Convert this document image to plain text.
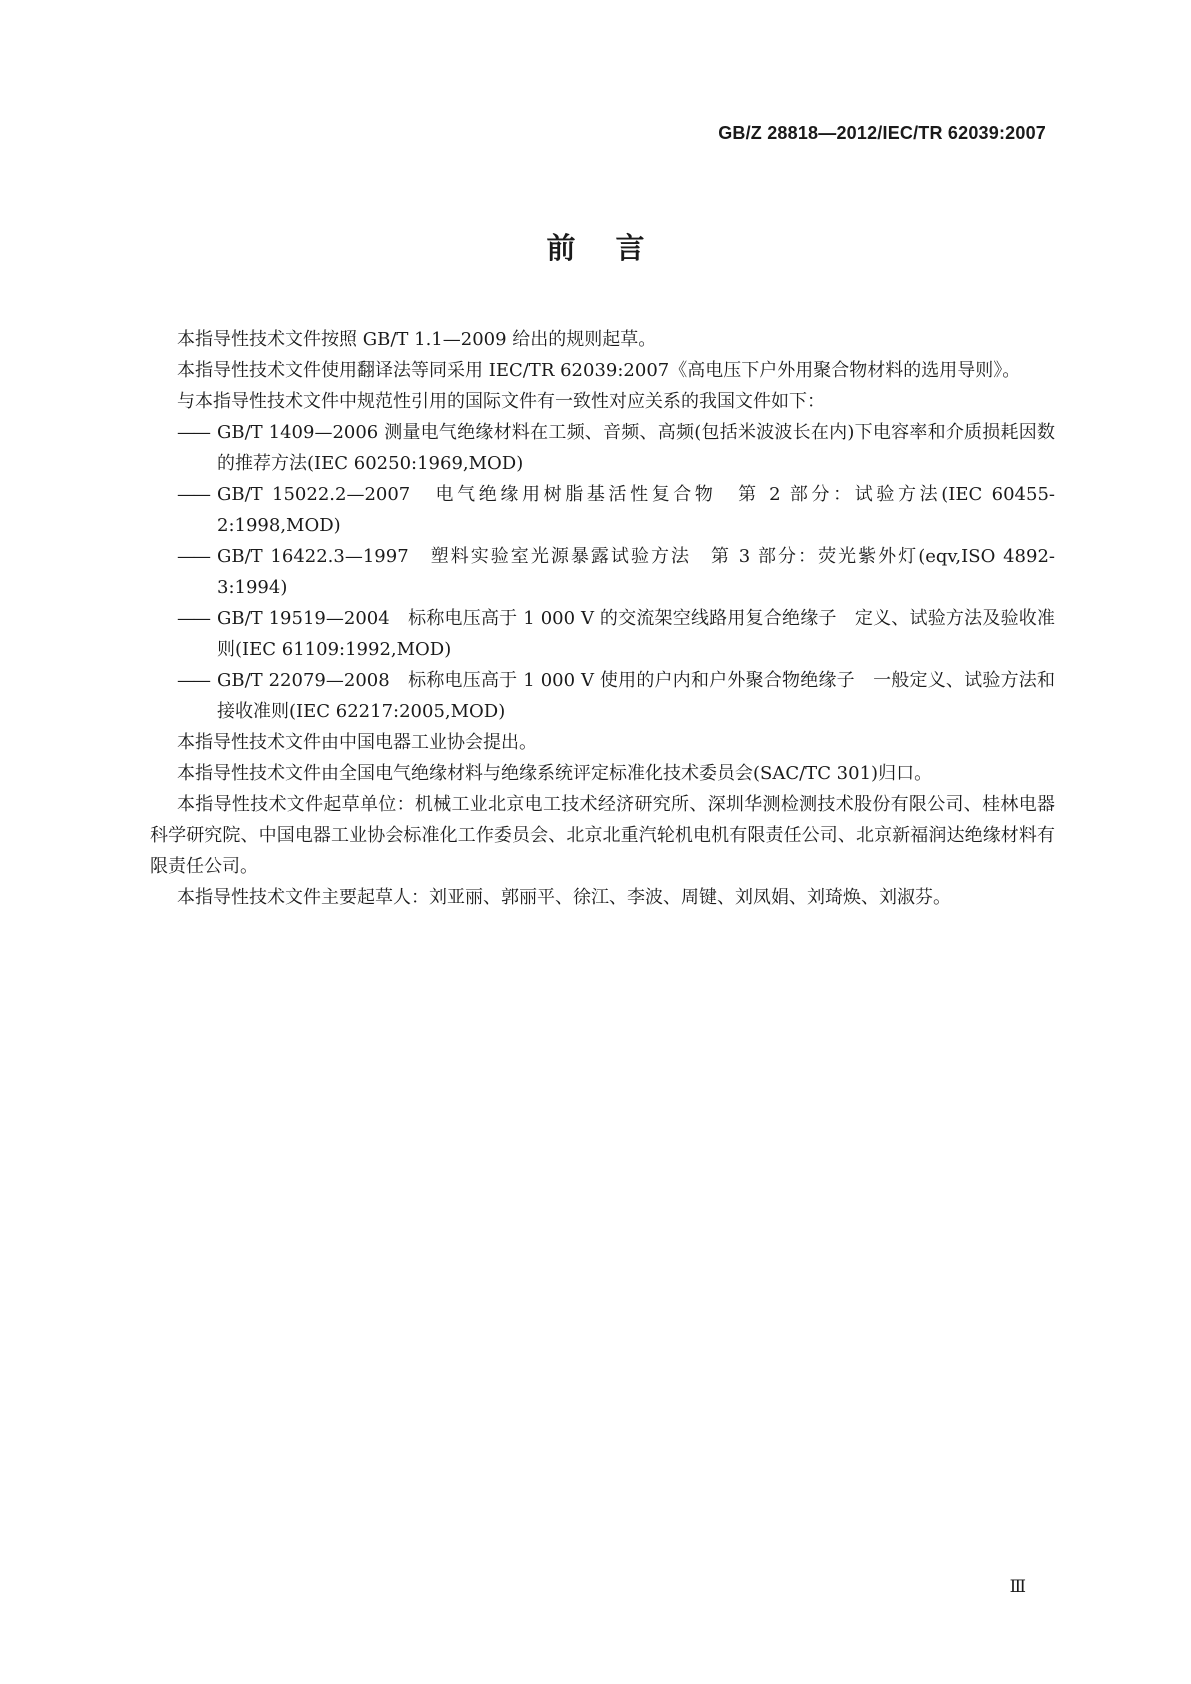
GB/Z 28818—2012/IEC/TR 62039:2007
前言

本指导性技术文件按照 GB/T 1.1—2009 给出的规则起草。

本指导性技术文件使用翻译法等同采用 IEC/TR 62039:2007《高电压下户外用聚合物材料的选用导则》。

与本指导性技术文件中规范性引用的国际文件有一致性对应关系的我国文件如下：

—— GB/T 1409—2006 测量电气绝缘材料在工频、音频、高频(包括米波波长在内)下电容率和介质损耗因数的推荐方法(IEC 60250:1969,MOD)
—— GB/T 15022.2—2007　电气绝缘用树脂基活性复合物　第 2 部分：试验方法(IEC 60455-2:1998,MOD)
—— GB/T 16422.3—1997　塑料实验室光源暴露试验方法　第 3 部分：荧光紫外灯(eqv,ISO 4892-3:1994)
—— GB/T 19519—2004　标称电压高于 1 000 V 的交流架空线路用复合绝缘子　定义、试验方法及验收准则(IEC 61109:1992,MOD)
—— GB/T 22079—2008　标称电压高于 1 000 V 使用的户内和户外聚合物绝缘子　一般定义、试验方法和接收准则(IEC 62217:2005,MOD)

本指导性技术文件由中国电器工业协会提出。

本指导性技术文件由全国电气绝缘材料与绝缘系统评定标准化技术委员会(SAC/TC 301)归口。

本指导性技术文件起草单位：机械工业北京电工技术经济研究所、深圳华测检测技术股份有限公司、桂林电器科学研究院、中国电器工业协会标准化工作委员会、北京北重汽轮机电机有限责任公司、北京新福润达绝缘材料有限责任公司。

本指导性技术文件主要起草人：刘亚丽、郭丽平、徐江、李波、周键、刘凤娟、刘琦焕、刘淑芬。

Ⅲ
